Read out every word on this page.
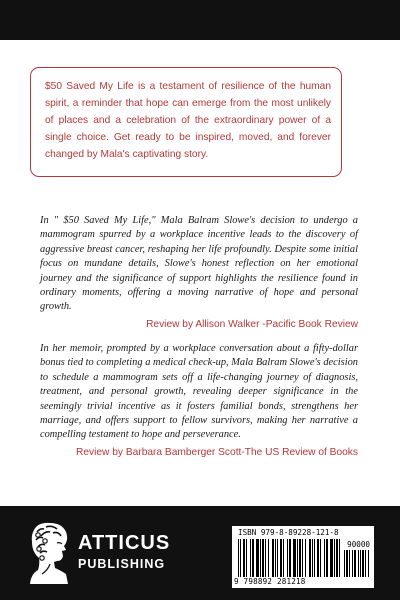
$50 Saved My Life is a testament of resilience of the human spirit, a reminder that hope can emerge from the most unlikely of places and a celebration of the extraordinary power of a single choice. Get ready to be inspired, moved, and forever changed by Mala's captivating story.
In " $50 Saved My Life," Mala Balram Slowe's decision to undergo a mammogram spurred by a workplace incentive leads to the discovery of aggressive breast cancer, reshaping her life profoundly. Despite some initial focus on mundane details, Slowe's honest reflection on her emotional journey and the significance of support highlights the resilience found in ordinary moments, offering a moving narrative of hope and personal growth.
Review by Allison Walker -Pacific Book Review
In her memoir, prompted by a workplace conversation about a fifty-dollar bonus tied to completing a medical check-up, Mala Balram Slowe's decision to schedule a mammogram sets off a life-changing journey of diagnosis, treatment, and personal growth, revealing deeper significance in the seemingly trivial incentive as it fosters familial bonds, strengthens her marriage, and offers support to fellow survivors, making her narrative a compelling testament to hope and perseverance.
Review by Barbara Bamberger Scott-The US Review of Books
ATTICUS
PUBLISHING
ISBN 979-8-89228-121-8
90000
9 798892 281218
